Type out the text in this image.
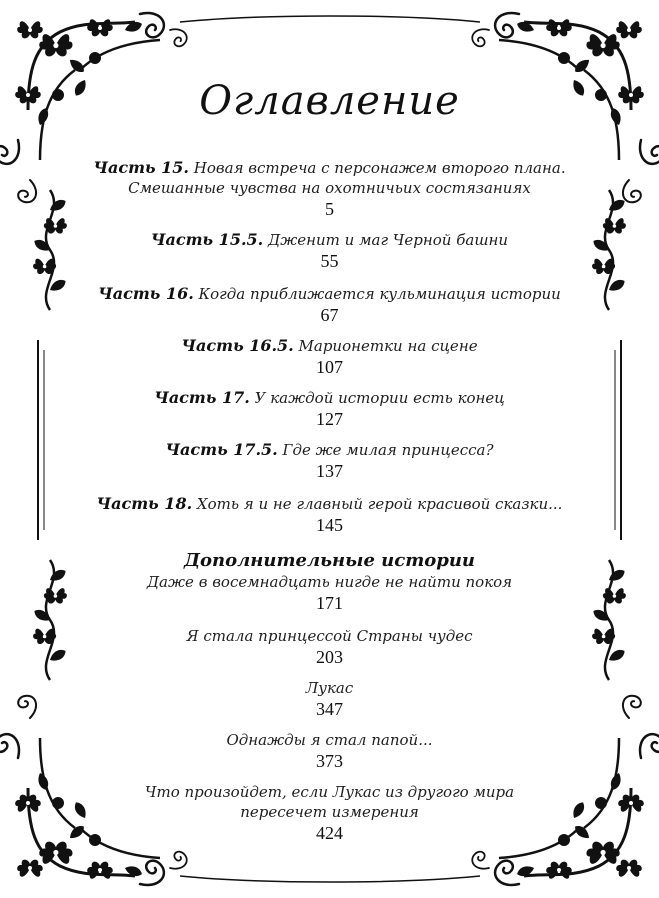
Оглавление
Часть 15. Новая встреча с персонажем второго плана.
Смешанные чувства на охотничьих состязаниях
5
Часть 15.5. Дженит и маг Черной башни
55
Часть 16. Когда приближается кульминация истории
67
Часть 16.5. Марионетки на сцене
107
Часть 17. У каждой истории есть конец
127
Часть 17.5. Где же милая принцесса?
137
Часть 18. Хоть я и не главный герой красивой сказки...
145
Дополнительные истории
Даже в восемнадцать нигде не найти покоя
171
Я стала принцессой Страны чудес
203
Лукас
347
Однажды я стал папой...
373
Что произойдет, если Лукас из другого мира
пересечет измерения
424
